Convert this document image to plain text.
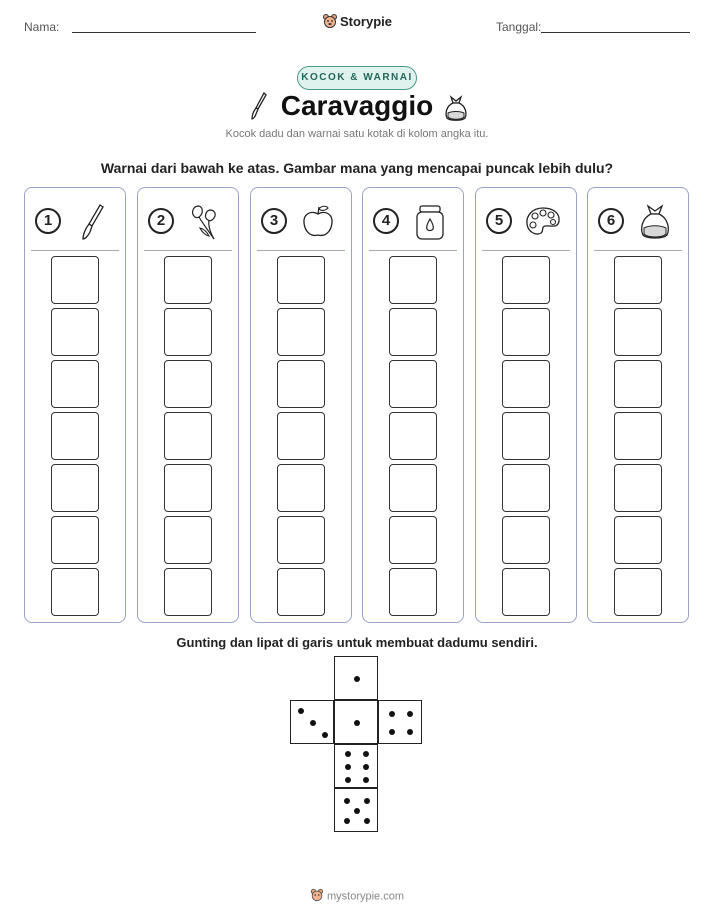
Nama:	Storypie	Tanggal:
KOCOK & WARNAI
Caravaggio
Kocok dadu dan warnai satu kotak di kolom angka itu.
Warnai dari bawah ke atas. Gambar mana yang mencapai puncak lebih dulu?
1	2	3	4	5	6
Gunting dan lipat di garis untuk membuat dadumu sendiri.
mystorypie.com
